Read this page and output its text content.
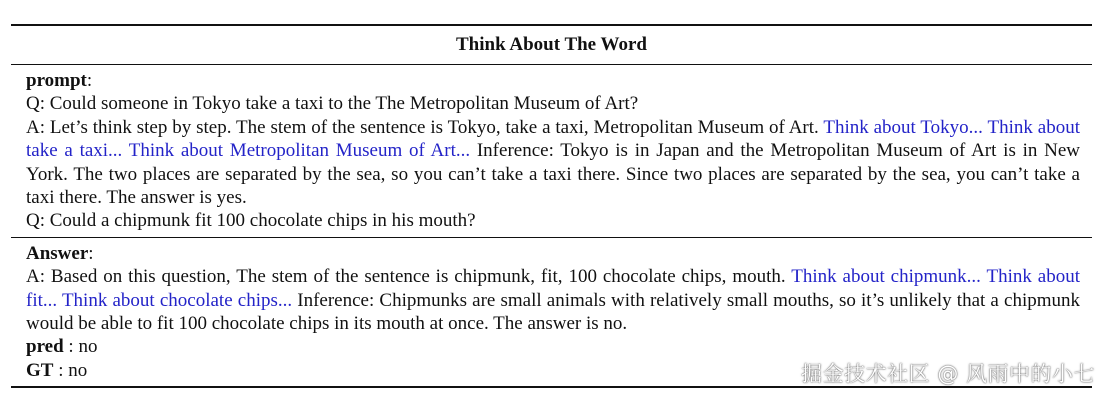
Think About The Word

prompt:

Q: Could someone in Tokyo take a taxi to the The Metropolitan Museum of Art?

A: Let’s think step by step. The stem of the sentence is Tokyo, take a taxi, Metropolitan Museum of Art. Think about Tokyo... Think about take a taxi... Think about Metropolitan Museum of Art... Inference: Tokyo is in Japan and the Metropolitan Museum of Art is in New York. The two places are separated by the sea, so you can’t take a taxi there. Since two places are separated by the sea, you can’t take a taxi there. The answer is yes.

Q: Could a chipmunk fit 100 chocolate chips in his mouth?

Answer:

A: Based on this question, The stem of the sentence is chipmunk, fit, 100 chocolate chips, mouth. Think about chipmunk... Think about fit... Think about chocolate chips... Inference: Chipmunks are small animals with relatively small mouths, so it’s unlikely that a chipmunk would be able to fit 100 chocolate chips in its mouth at once. The answer is no.

pred : no

GT : no	掘金技术社区 @ 风雨中的小七
